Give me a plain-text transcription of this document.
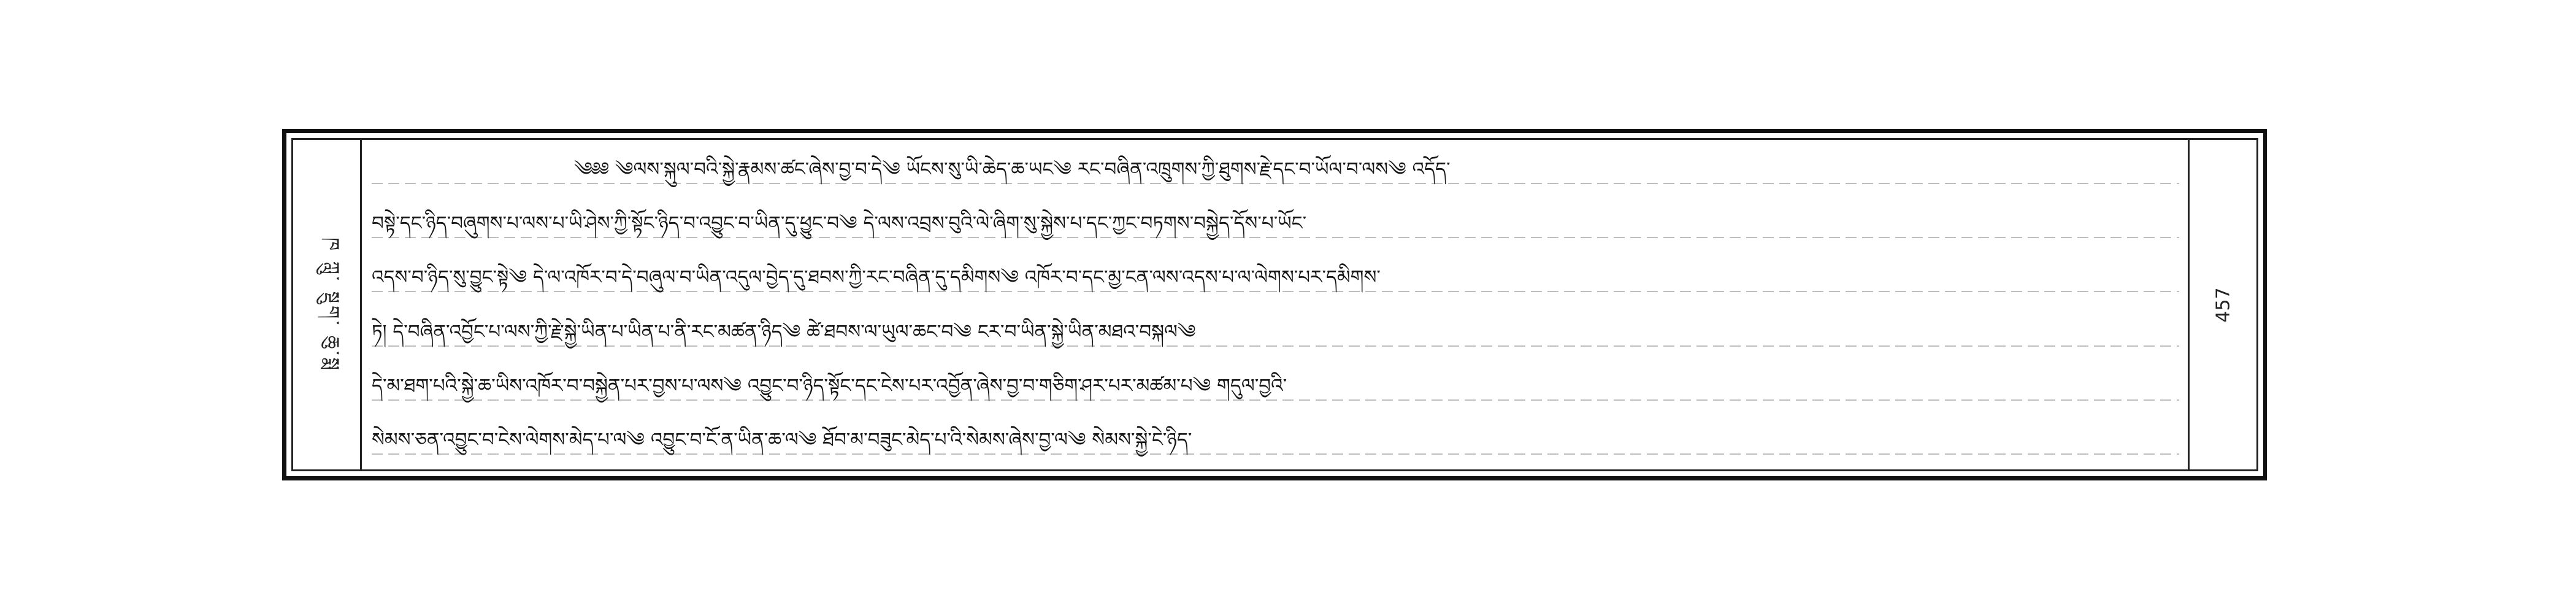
ཁ ཀླུ་ སྡུག་ ཆུ་སྨ
༄༅༅ ༄ལས་སྐུལ་བའི་སྐྱེ་རྣམས་ཚང་ཞེས་བྱ་བ་དེ༄ ཡོངས་སུ་ཡི་ཆེད་ཆ་ཡང༄ རང་བཞིན་འཁྲུགས་ཀྱི་ཐུགས་རྗེ་དང་བ་ཡོལ་བ་ལས༄ འདོད་
བསྟེ་དང་ཉིད་བཞུགས་པ་ལས་པ་ཡི་ཤེས་ཀྱི་སྟོང་ཉིད་བ་འབྱུང་བ་ཡིན་དུ་ཕྱུང་བ༄ དེ་ལས་འབྲས་བུའི་ལེ་ཞིག་སུ་སྐྱེས་པ་དང་ཀྱང་བཏགས་བསྐྱེད་དོས་པ་ཡོང་
འདས་བ་ཉིད་སུ་བྱུང་སྟེ༄ དེ་ལ་འཁོར་བ་དེ་བཞུལ་བ་ཡིན་འདུལ་བྱེད་དུ་ཐབས་ཀྱི་རང་བཞིན་དུ་དམིགས༄ འཁོར་བ་དང་མྱ་ངན་ལས་འདས་པ་ལ་ལེགས་པར་དམིགས་
ཏེ། དེ་བཞིན་འབྱོང་པ་ལས་ཀྱི་རྗེ་སྐྱེ་ཡིན་པ་ཡིན་པ་ནི་རང་མཚན་ཉིད༄ ཚེ་ཐབས་ལ་ཡུལ་ཆང་བ༄ ངར་བ་ཡིན་སྐྱེ་ཡིན་མཐའ་བསྐལ༄
དེ་མ་ཐག་པའི་སྐྱེ་ཆ་ཡིས་འཁོར་བ་བསྐྱེན་པར་བྱས་པ་ལས༄ འབྱུང་བ་ཉིད་སྟོང་དང་ངེས་པར་འབྱོན་ཞེས་བྱ་བ་གཅིག་ཤར་པར་མཚམ་པ༄ གདུལ་བྱའི་
སེམས་ཅན་འབྱུང་བ་ངེས་ལེགས་མེད་པ་ལ༄ འབྱུང་བ་ངོ་ན་ཡིན་ཆ་ལ༄ ཐོབ་མ་བཟུང་མེད་པ་འི་སེམས་ཞེས་བྱ་ལ༄ སེམས་སྐྱེ་ངེ་ཉིད་
457
